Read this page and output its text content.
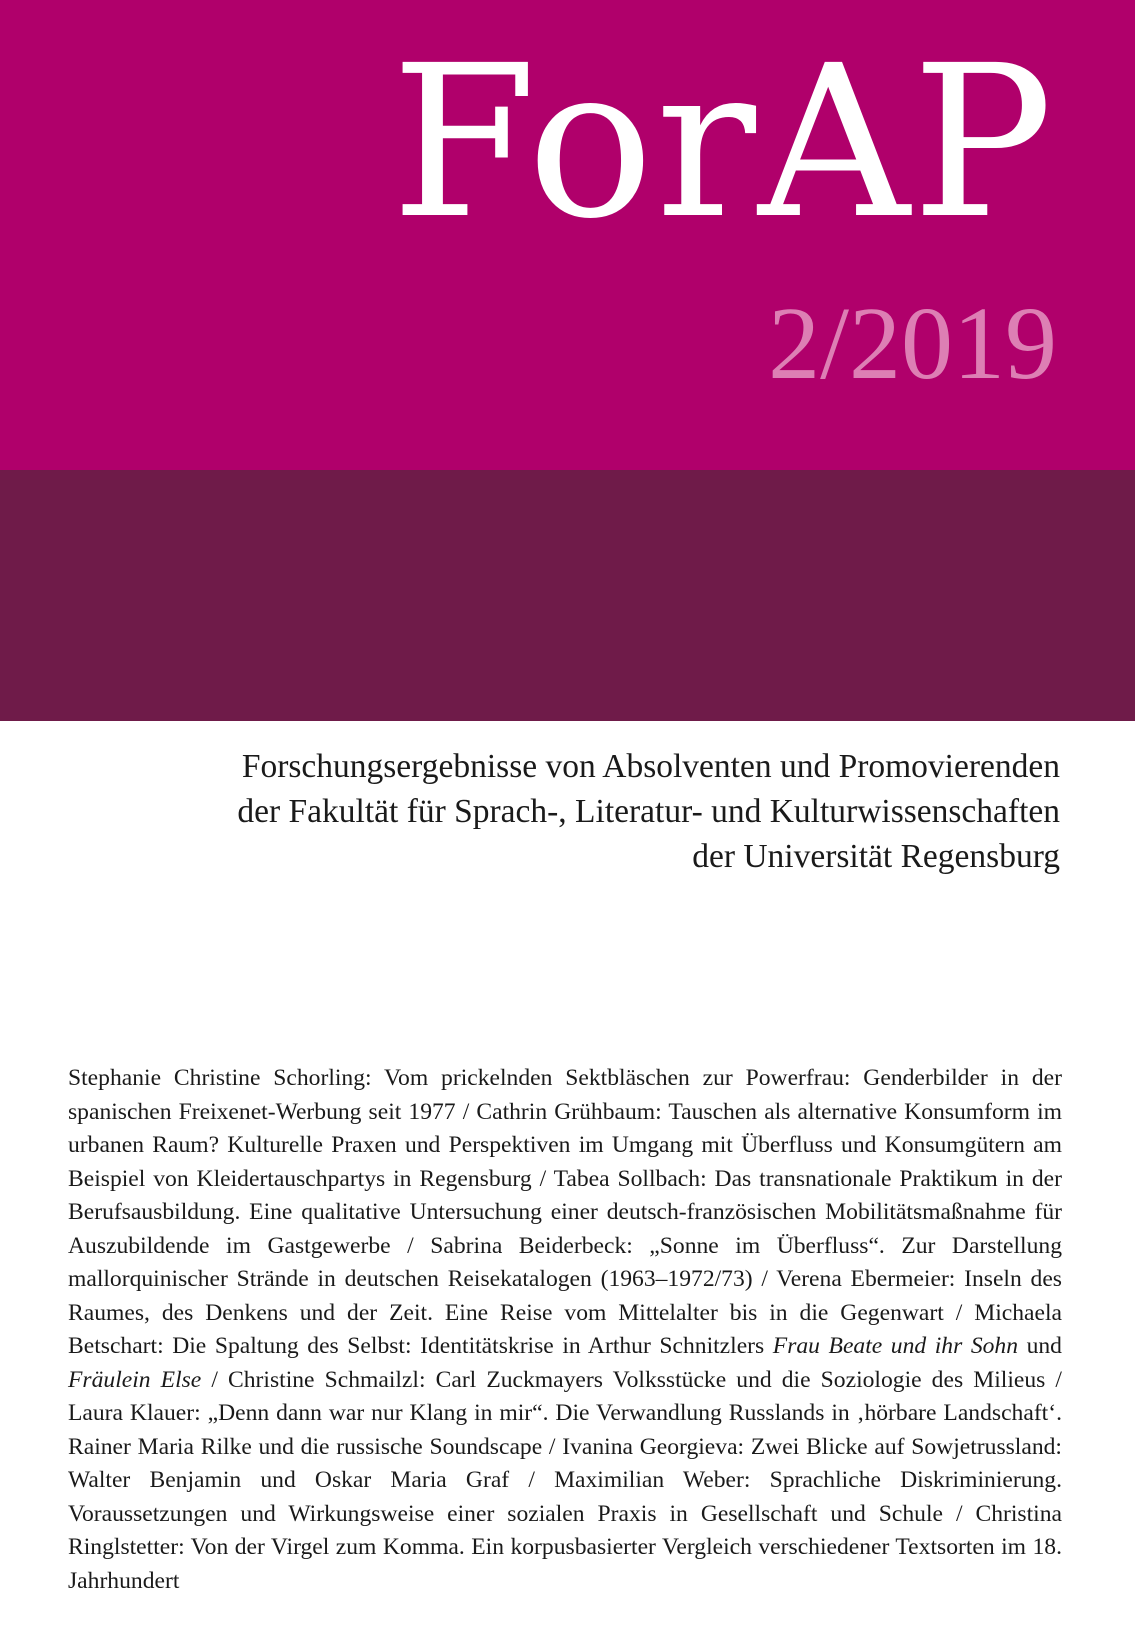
ForAP
2/2019
Forschungsergebnisse von Absolventen und Promovierenden
der Fakultät für Sprach-, Literatur- und Kulturwissenschaften
der Universität Regensburg

Stephanie Christine Schorling: Vom prickelnden Sektbläschen zur Powerfrau: Genderbilder in der spanischen Freixenet-Werbung seit 1977 / Cathrin Grühbaum: Tauschen als alternative Konsumform im urbanen Raum? Kulturelle Praxen und Perspektiven im Umgang mit Überfluss und Konsumgütern am Beispiel von Kleidertauschpartys in Regensburg / Tabea Sollbach: Das transnationale Praktikum in der Berufsausbildung. Eine qualitative Untersuchung einer deutsch-französischen Mobilitätsmaßnahme für Auszubildende im Gastgewerbe / Sabrina Beiderbeck: „Sonne im Überfluss“. Zur Darstellung mallorquinischer Strände in deutschen Reisekatalogen (1963–1972/73) / Verena Ebermeier: Inseln des Raumes, des Denkens und der Zeit. Eine Reise vom Mittelalter bis in die Gegenwart / Michaela Betschart: Die Spaltung des Selbst: Identitätskrise in Arthur Schnitzlers Frau Beate und ihr Sohn und Fräulein Else / Christine Schmailzl: Carl Zuckmayers Volksstücke und die Soziologie des Milieus / Laura Klauer: „Denn dann war nur Klang in mir“. Die Verwandlung Russlands in ‚hörbare Landschaft‘. Rainer Maria Rilke und die russische Soundscape / Ivanina Georgieva: Zwei Blicke auf Sowjetrussland: Walter Benjamin und Oskar Maria Graf / Maximilian Weber: Sprachliche Diskriminierung. Voraussetzungen und Wirkungsweise einer sozialen Praxis in Gesellschaft und Schule / Christina Ringlstetter: Von der Virgel zum Komma. Ein korpusbasierter Vergleich verschiedener Textsorten im 18. Jahrhundert
